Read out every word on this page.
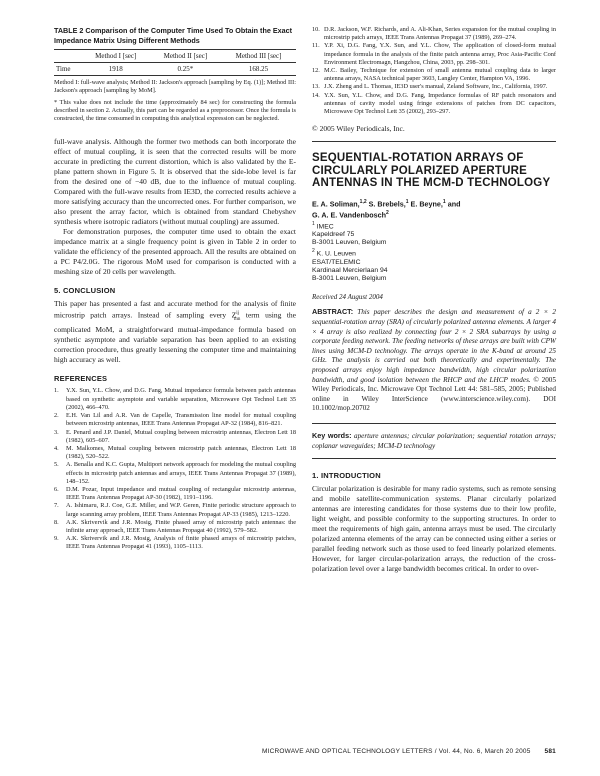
TABLE 2 Comparison of the Computer Time Used To Obtain the Exact Impedance Matrix Using Different Methods
	Method I [sec]	Method II [sec]	Method III [sec]
Time	1918	0.25*	168.25

Method I: full-wave analysis; Method II: Jackson's approach [sampling by Eq. (1)]; Method III: Jackson's approach [sampling by MoM].

* This value does not include the time (approximately 84 sec) for constructing the formula described in section 2. Actually, this part can be regarded as a preprocessor. Once the formula is constructed, the time consumed in computing this analytical expression can be neglected.

full-wave analysis. Although the former two methods can both incorporate the effect of mutual coupling, it is seen that the corrected results will be more accurate in predicting the current distortion, which is also validated by the E-plane pattern shown in Figure 5. It is observed that the side-lobe level is far from the desired one of −40 dB, due to the influence of mutual coupling. Compared with the full-wave results from IE3D, the corrected results achieve a more satisfying accuracy than the uncorrected ones. For further comparison, we also present the array factor, which is obtained from standard Chebyshev synthesis where isotropic radiators (without mutual coupling) are assumed.

For demonstration purposes, the computer time used to obtain the exact impedance matrix at a single frequency point is given in Table 2 in order to validate the efficiency of the presented approach. All the results are obtained on a PC P4/2.0G. The rigorous MoM used for comparison is conducted with a meshing size of 20 cells per wavelength.

5. CONCLUSION

This paper has presented a fast and accurate method for the analysis of finite microstrip patch arrays. Instead of sampling every $Z^{ij}_{mn}$ term using the complicated MoM, a straightforward mutual-impedance formula based on synthetic asymptote and variable separation has been applied to an existing correction procedure, thus greatly lessening the computer time and maintaining high accuracy as well.

REFERENCES
1.	Y.X. Sun, Y.L. Chow, and D.G. Fang, Mutual impedance formula between patch antennas based on synthetic asymptote and variable separation, Microwave Opt Technol Lett 35 (2002), 466–470.
2.	E.H. Van Lil and A.R. Van de Capelle, Transmission line model for mutual coupling between microstrip antennas, IEEE Trans Antennas Propagat AP-32 (1984), 816–821.
3.	E. Penard and J.P. Daniel, Mutual coupling between microstrip antennas, Electron Lett 18 (1982), 605–607.
4.	M. Malkomes, Mutual coupling between microstrip patch antennas, Electron Lett 18 (1982), 520–522.
5.	A. Benalla and K.C. Gupta, Multiport network approach for modeling the mutual coupling effects in microstrip patch antennas and arrays, IEEE Trans Antennas Propagat 37 (1989), 148–152.
6.	D.M. Pozar, Input impedance and mutual coupling of rectangular microstrip antennas, IEEE Trans Antennas Propagat AP-30 (1982), 1191–1196.
7.	A. Ishimaru, R.J. Coe, G.E. Miller, and W.P. Geren, Finite periodic structure approach to large scanning array problem, IEEE Trans Antennas Propagat AP-33 (1985), 1213–1220.
8.	A.K. Skrivervik and J.R. Mosig, Finite phased array of microstrip patch antennas: the infinite array approach, IEEE Trans Antennas Propagat 40 (1992), 579–582.
9.	A.K. Skrivervik and J.R. Mosig, Analysis of finite phased arrays of microstrip patches, IEEE Trans Antennas Propagat 41 (1993), 1105–1113.
10. D.R. Jackson, W.F. Richards, and A. Ali-Khan, Series expansion for the mutual coupling in microstrip patch arrays, IEEE Trans Antennas Propagat 37 (1989), 269–274.
11. Y.P. Xi, D.G. Fang, Y.X. Sun, and Y.L. Chow, The application of closed-form mutual impedance formula in the analysis of the finite patch antenna array, Proc Asia-Pacific Conf Environment Electromagn, Hangzhou, China, 2003, pp. 298–301.
12. M.C. Bailey, Technique for extension of small antenna mutual coupling data to larger antenna arrays, NASA technical paper 3603, Langley Center, Hampton VA, 1996.
13. J.X. Zheng and L. Thomas, IE3D user's manual, Zeland Software, Inc., California, 1997.
14. Y.X. Sun, Y.L. Chow, and D.G. Fang, Impedance formulas of RF patch resonators and antennas of cavity model using fringe extensions of patches from DC capacitors, Microwave Opt Technol Lett 35 (2002), 293–297.

© 2005 Wiley Periodicals, Inc.

SEQUENTIAL-ROTATION ARRAYS OF CIRCULARLY POLARIZED APERTURE ANTENNAS IN THE MCM-D TECHNOLOGY
E. A. Soliman,$^{1,2}$ S. Brebels,$^1$ E. Beyne,$^1$ and
G. A. E. Vandenbosch$^2$
$^1$ IMEC
Kapeldreef 75
B-3001 Leuven, Belgium
$^2$ K. U. Leuven
ESAT/TELEMIC
Kardinaal Mercierlaan 94
B-3001 Leuven, Belgium
Received 24 August 2004

ABSTRACT: This paper describes the design and measurement of a 2 × 2 sequential-rotation array (SRA) of circularly polarized antenna elements. A larger 4 × 4 array is also realized by connecting four 2 × 2 SRA subarrays by using a corporate feeding network. The feeding networks of these arrays are built with CPW lines using MCM-D technology. The arrays operate in the K-band at around 25 GHz. The analysis is carried out both theoretically and experimentally. The proposed arrays enjoy high impedance bandwidth, high circular polarization bandwidth, and good isolation between the RHCP and the LHCP modes. © 2005 Wiley Periodicals, Inc. Microwave Opt Technol Lett 44: 581–585, 2005; Published online in Wiley InterScience (www.interscience.wiley.com). DOI 10.1002/mop.20702

Key words: aperture antennas; circular polarization; sequential rotation arrays; coplanar waveguides; MCM-D technology

1. INTRODUCTION

Circular polarization is desirable for many radio systems, such as remote sensing and mobile satellite-communication systems. Planar circularly polarized antennas are interesting candidates for those systems due to their low profile, light weight, and possible conformity to the supporting structures. In order to meet the requirements of high gain, antenna arrays must be used. The circularly polarized antenna elements of the array can be connected using either a series or parallel feeding network such as those used to feed linearly polarized elements. However, for larger circular-polarization arrays, the reduction of the cross-polarization level over a large bandwidth becomes critical. In order to over-

MICROWAVE AND OPTICAL TECHNOLOGY LETTERS / Vol. 44, No. 6, March 20 2005 581
